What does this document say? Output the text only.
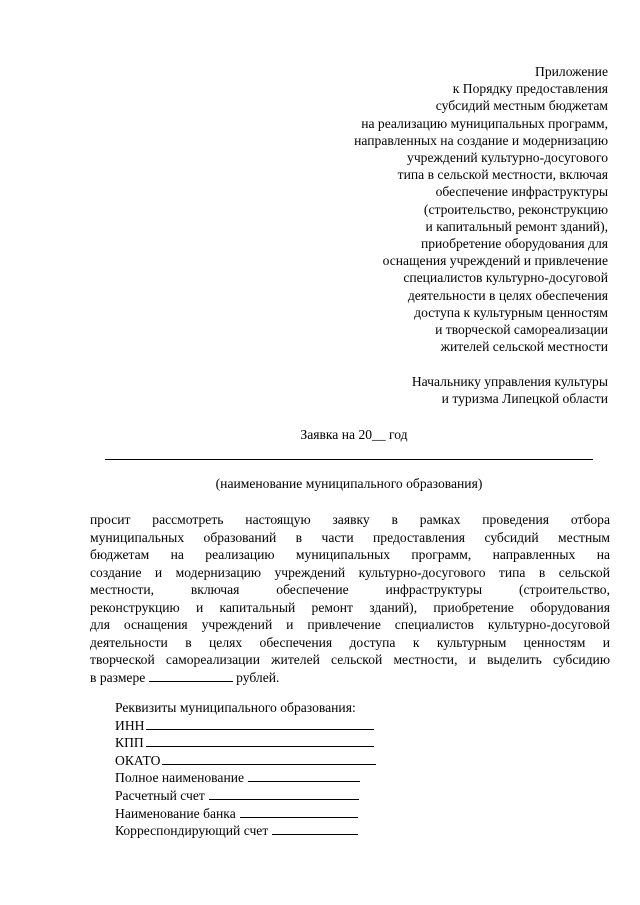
Приложение
к Порядку предоставления
субсидий местным бюджетам
на реализацию муниципальных программ,
направленных на создание и модернизацию
учреждений культурно-досугового
типа в сельской местности, включая
обеспечение инфраструктуры
(строительство, реконструкцию
и капитальный ремонт зданий),
приобретение оборудования для
оснащения учреждений и привлечение
специалистов культурно-досуговой
деятельности в целях обеспечения
доступа к культурным ценностям
и творческой самореализации
жителей сельской местности
Начальнику управления культуры
и туризма Липецкой области
Заявка на 20__ год
(наименование муниципального образования)
просит рассмотреть настоящую заявку в рамках проведения отбора
муниципальных образований в части предоставления субсидий местным
бюджетам на реализацию муниципальных программ, направленных на
создание и модернизацию учреждений культурно-досугового типа в сельской
местности, включая обеспечение инфраструктуры (строительство,
реконструкцию и капитальный ремонт зданий), приобретение оборудования
для оснащения учреждений и привлечение специалистов культурно-досуговой
деятельности в целях обеспечения доступа к культурным ценностям и
творческой самореализации жителей сельской местности, и выделить субсидию
в размере	рублей.
Реквизиты муниципального образования:
ИНН
КПП
ОКАТО
Полное наименование
Расчетный счет
Наименование банка
Корреспондирующий счет
